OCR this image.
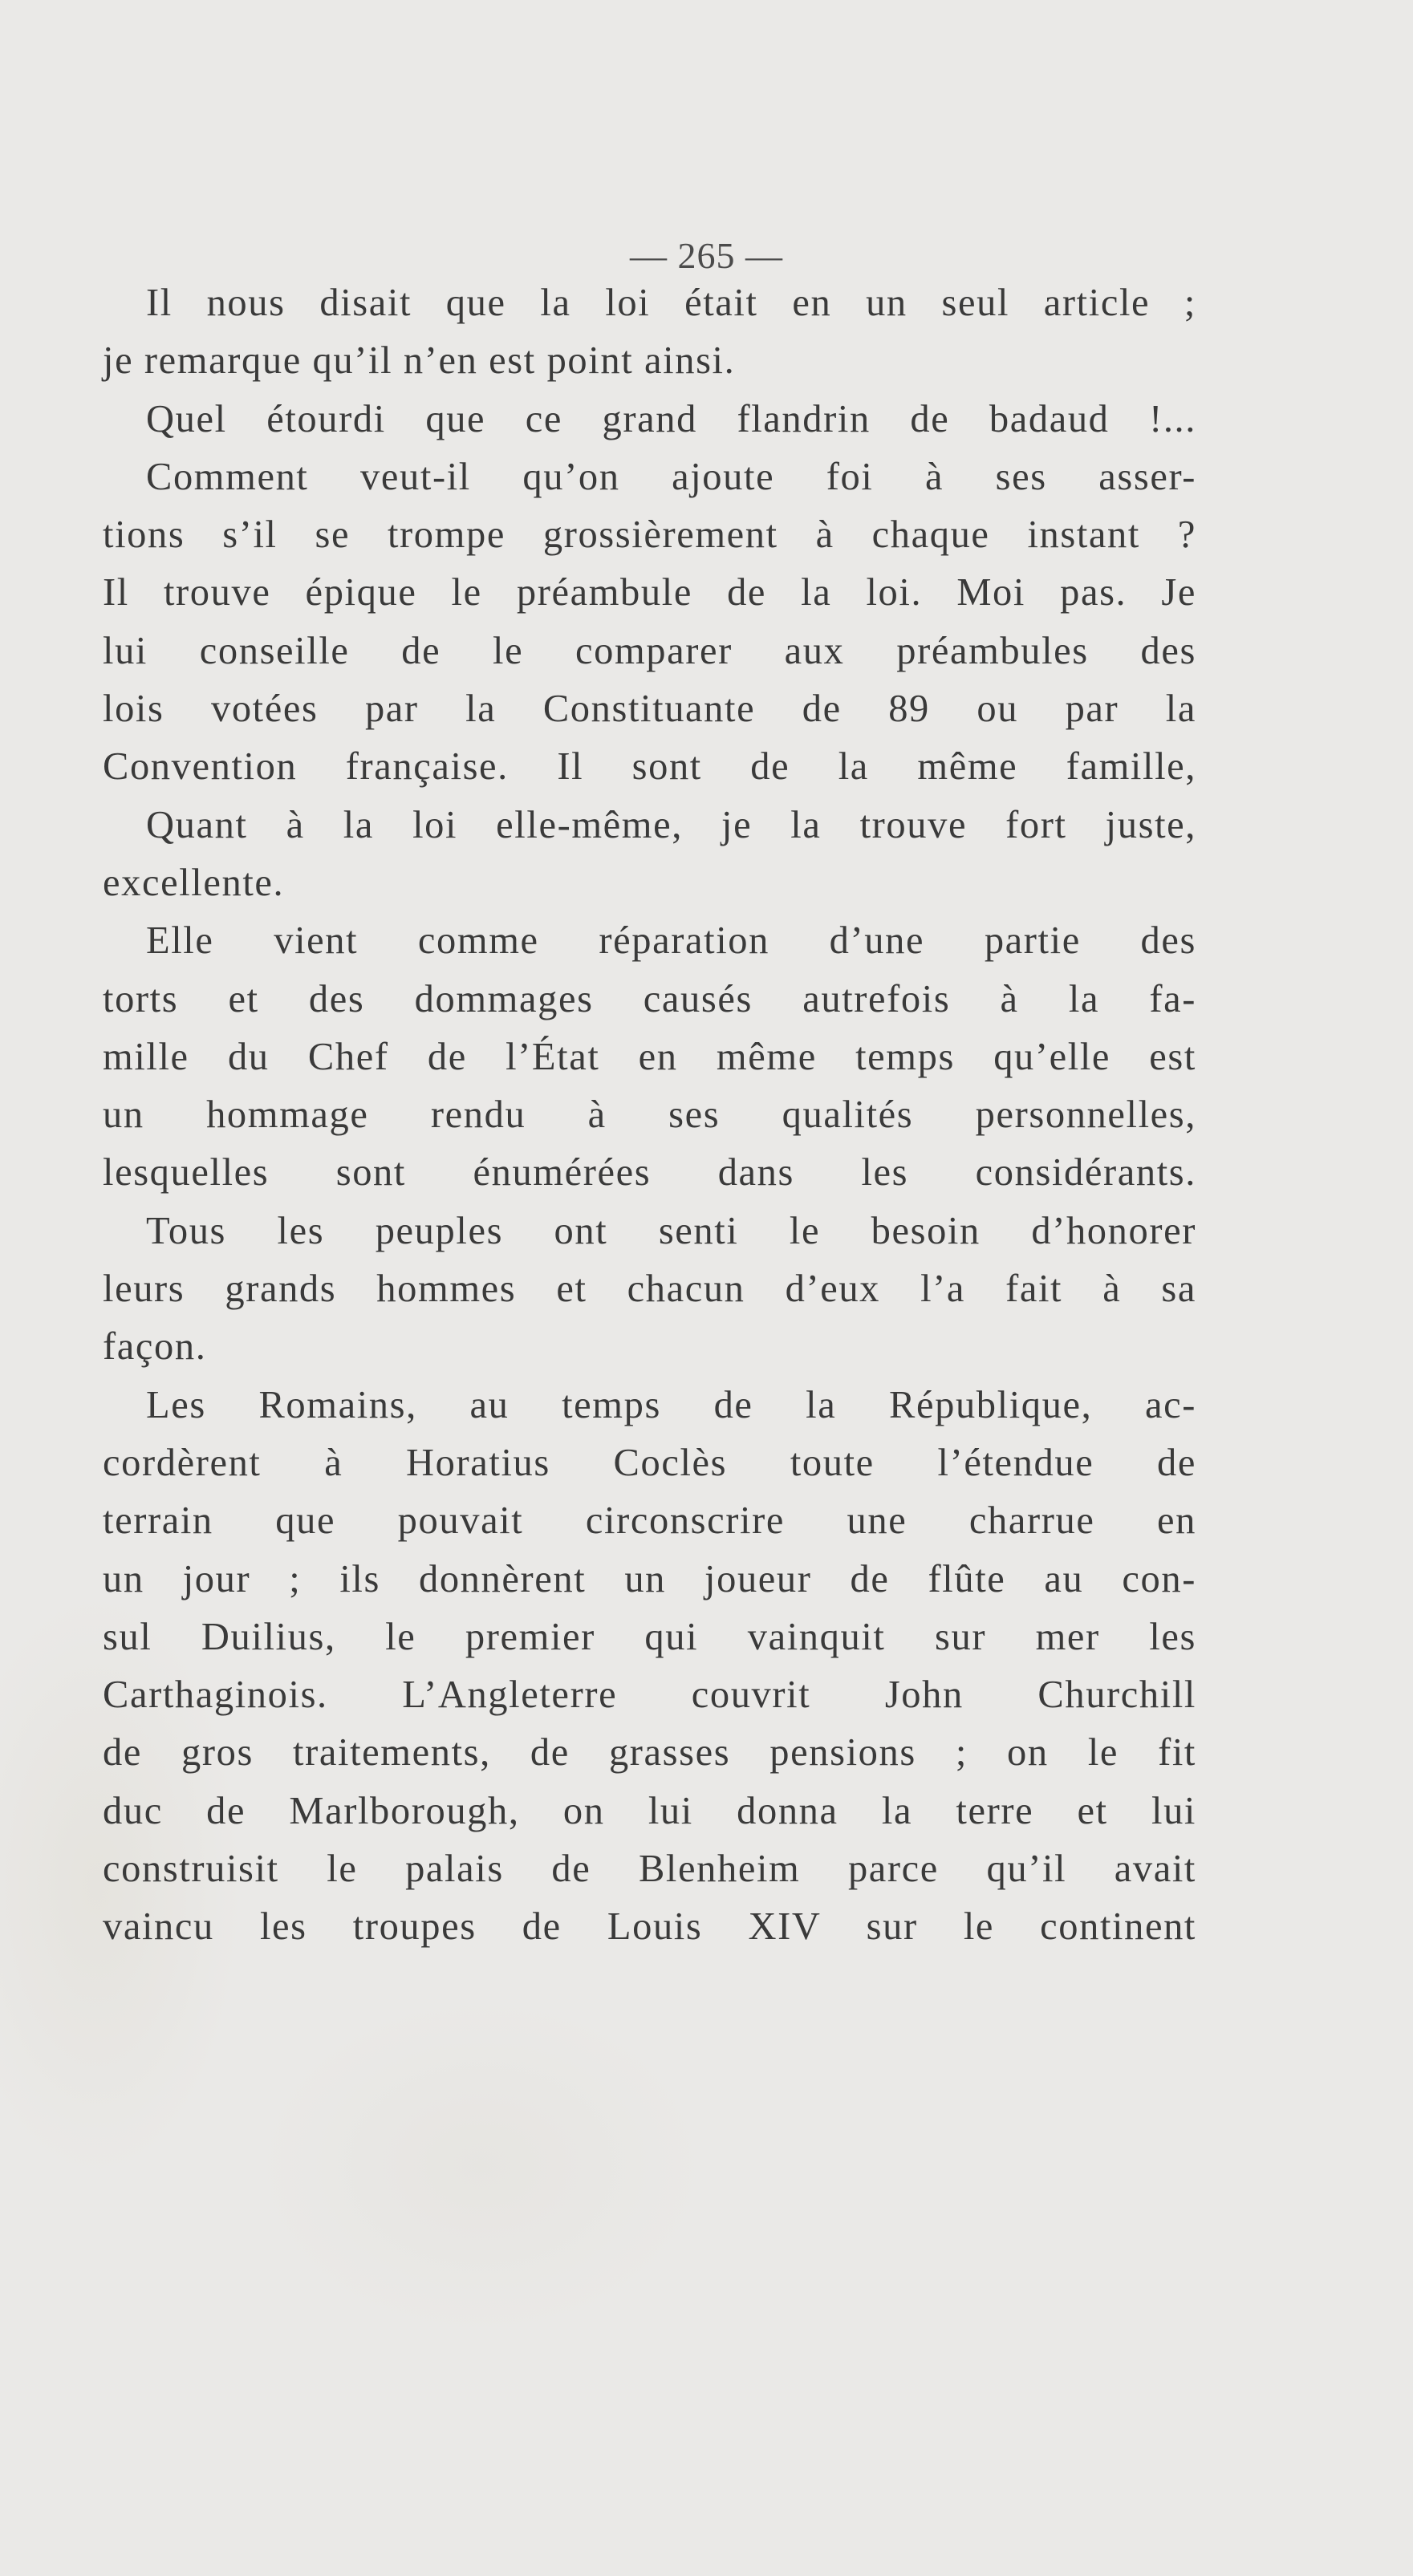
— 265 —
Il nous disait que la loi était en un seul article ;
je remarque qu’il n’en est point ainsi.
Quel étourdi que ce grand flandrin de badaud !...
Comment veut-il qu’on ajoute foi à ses asser-
tions s’il se trompe grossièrement à chaque instant ?
Il trouve épique le préambule de la loi. Moi pas. Je
lui conseille de le comparer aux préambules des
lois votées par la Constituante de 89 ou par la
Convention française. Il sont de la même famille,
Quant à la loi elle-même, je la trouve fort juste,
excellente.
Elle vient comme réparation d’une partie des
torts et des dommages causés autrefois à la fa-
mille du Chef de l’État en même temps qu’elle est
un hommage rendu à ses qualités personnelles,
lesquelles sont énumérées dans les considérants.
Tous les peuples ont senti le besoin d’honorer
leurs grands hommes et chacun d’eux l’a fait à sa
façon.
Les Romains, au temps de la République, ac-
cordèrent à Horatius Coclès toute l’étendue de
terrain que pouvait circonscrire une charrue en
un jour ; ils donnèrent un joueur de flûte au con-
sul Duilius, le premier qui vainquit sur mer les
Carthaginois. L’Angleterre couvrit John Churchill
de gros traitements, de grasses pensions ; on le fit
duc de Marlborough, on lui donna la terre et lui
construisit le palais de Blenheim parce qu’il avait
vaincu les troupes de Louis XIV sur le continent
